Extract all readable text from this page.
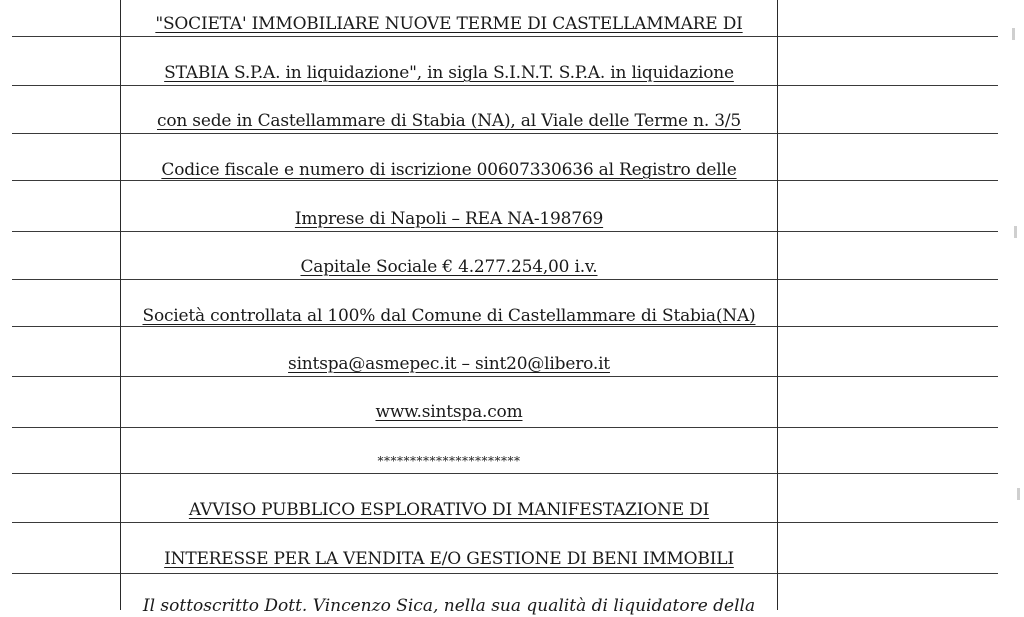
"SOCIETA' IMMOBILIARE NUOVE TERME DI CASTELLAMMARE DI
STABIA S.P.A. in liquidazione", in sigla S.I.N.T. S.P.A. in liquidazione
con sede in Castellammare di Stabia (NA), al Viale delle Terme n. 3/5
Codice fiscale e numero di iscrizione 00607330636 al Registro delle
Imprese di Napoli – REA NA-198769
Capitale Sociale € 4.277.254,00 i.v.
Società controllata al 100% dal Comune di Castellammare di Stabia(NA)
sintspa@asmepec.it – sint20@libero.it
www.sintspa.com
**********************
AVVISO PUBBLICO ESPLORATIVO DI MANIFESTAZIONE DI
INTERESSE PER LA VENDITA E/O GESTIONE DI BENI IMMOBILI
Il sottoscritto Dott. Vincenzo Sica, nella sua qualità di liquidatore della
